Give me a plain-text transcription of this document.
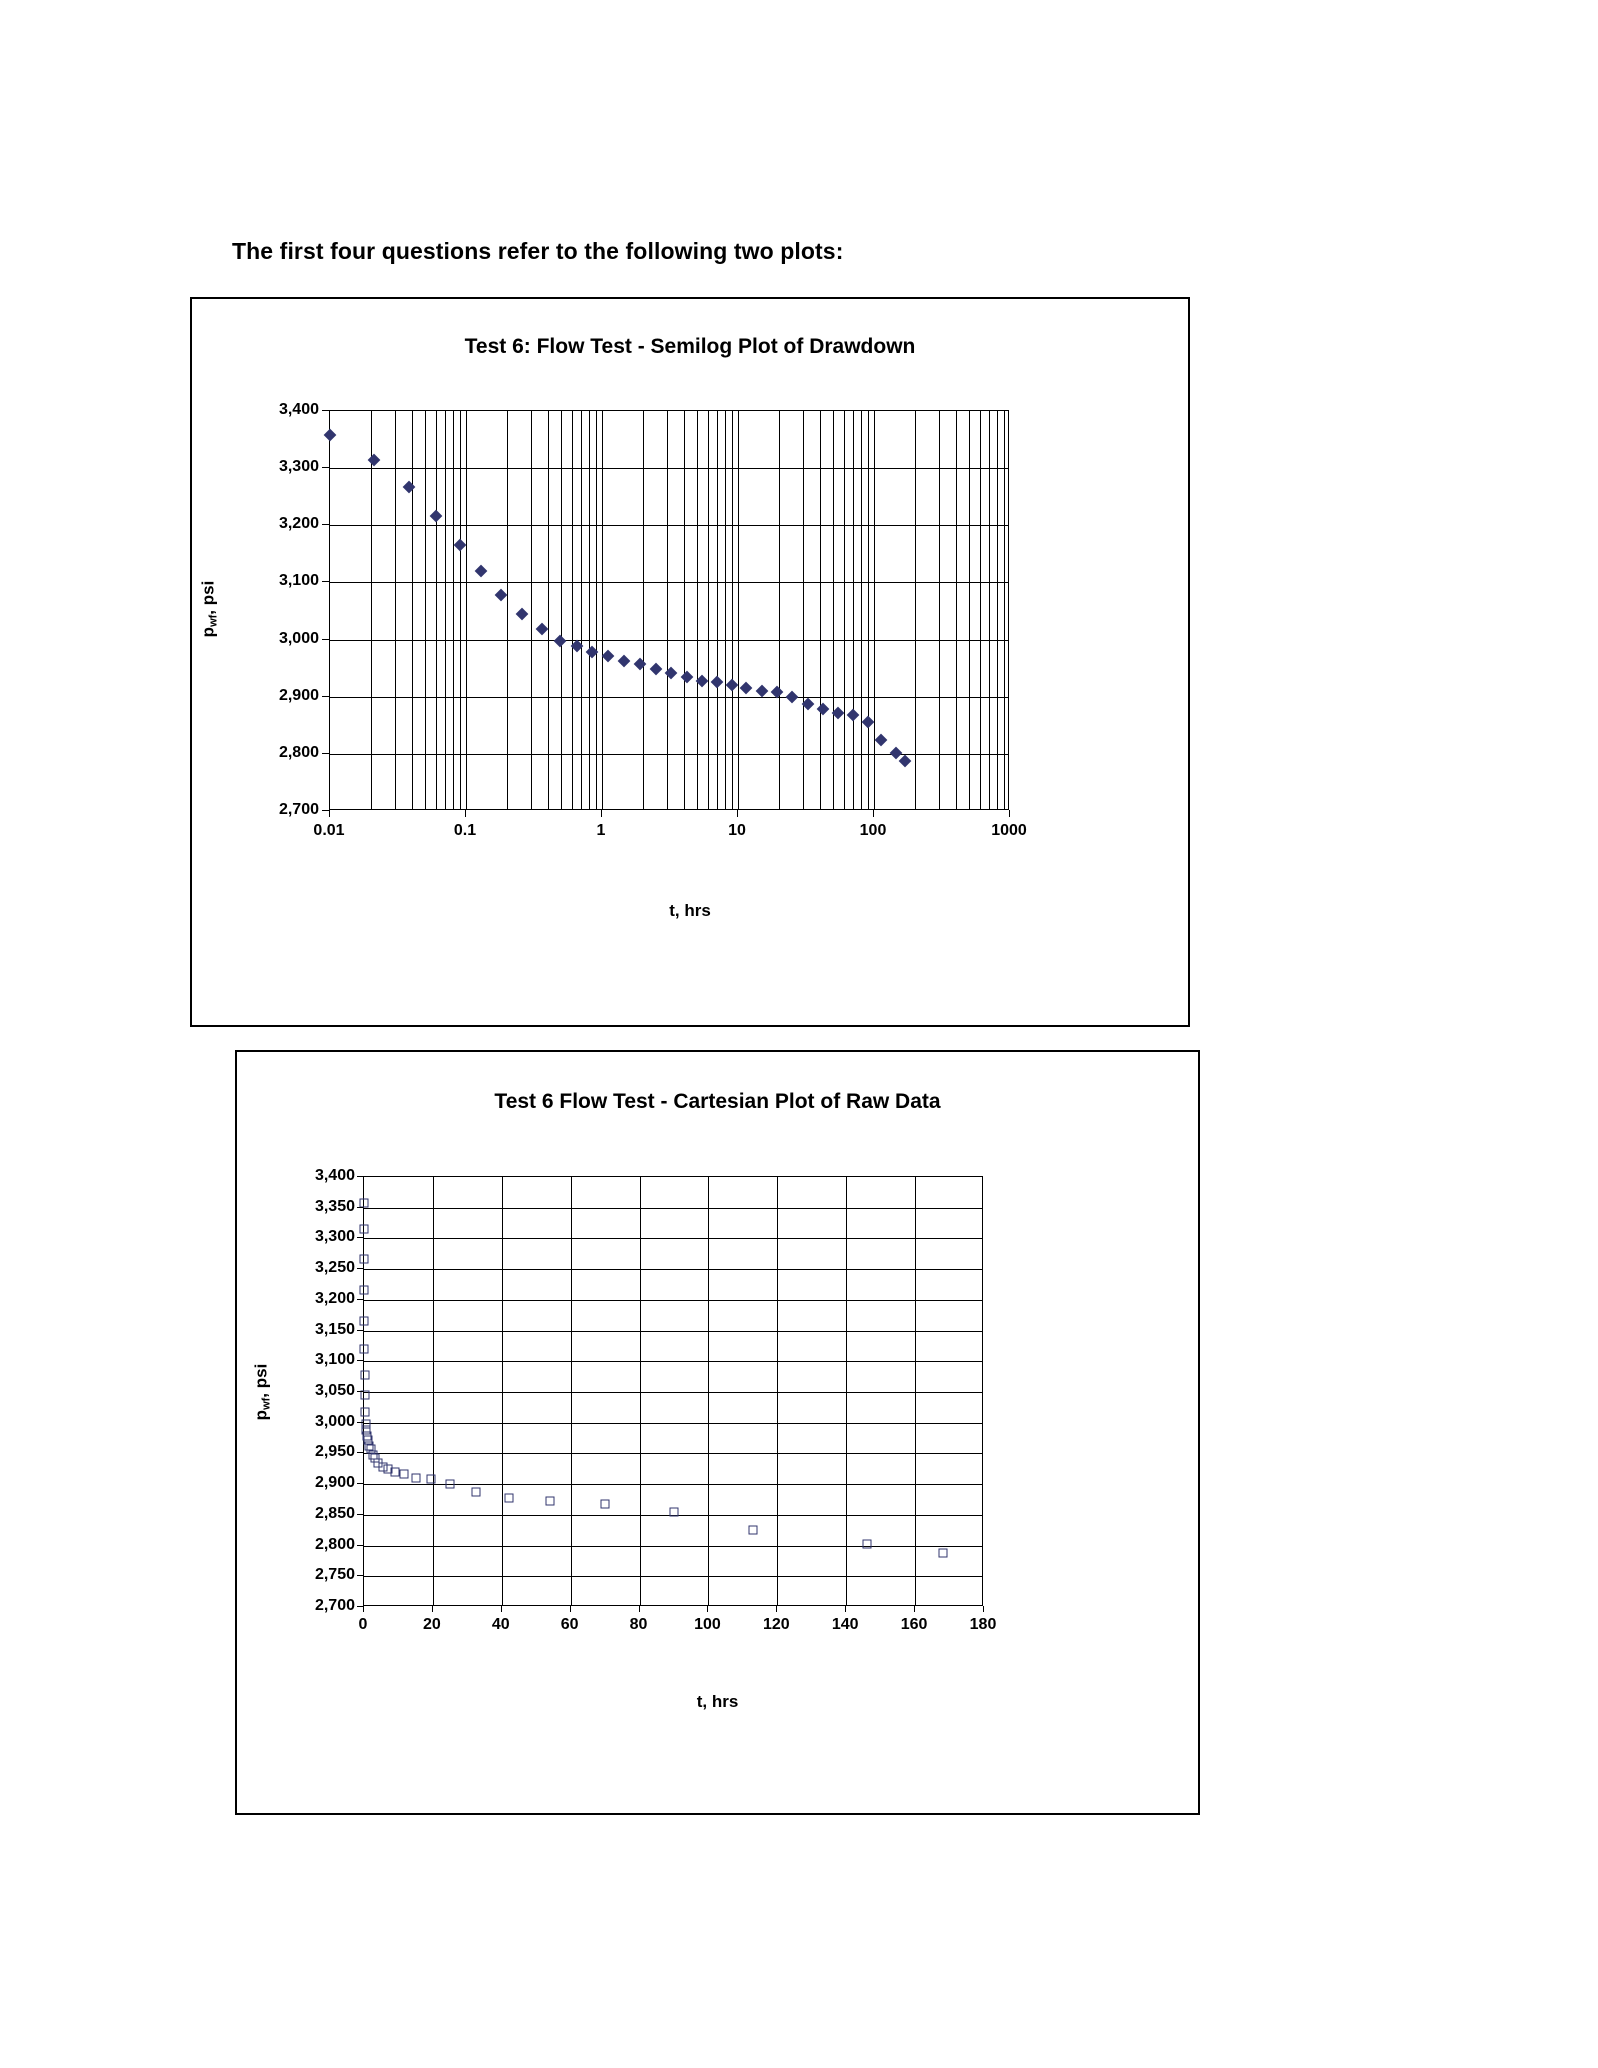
The first four questions refer to the following two plots:
Test 6: Flow Test - Semilog Plot of Drawdown
t, hrs
pwf, psi
2,700
2,800
2,900
3,000
3,100
3,200
3,300
3,400
0.01	0.1	1	10	100	1000
Test 6 Flow Test - Cartesian Plot of Raw Data
t, hrs
pwf, psi
2,700
2,750
2,800
2,850
2,900
2,950
3,000
3,050
3,100
3,150
3,200
3,250
3,300
3,350
3,400
0	20	40	60	80	100	120	140	160	180
